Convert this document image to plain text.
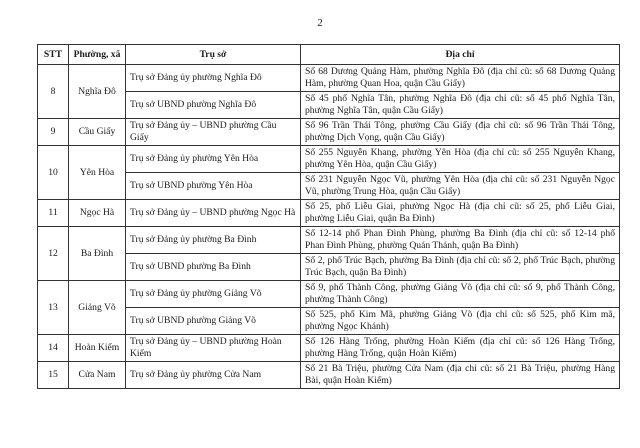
2
STT	Phường, xã	Trụ sở	Địa chỉ
8	Nghĩa Đô	Trụ sở Đảng ủy phường Nghĩa Đô	Số 68 Dương Quảng Hàm, phường Nghĩa Đô (địa chỉ cũ: số 68 Dương Quảng Hàm, phường Quan Hoa, quận Cầu Giấy)
		Trụ sở UBND phường Nghĩa Đô	Số 45 phố Nghĩa Tân, phường Nghĩa Đô (địa chỉ cũ: số 45 phố Nghĩa Tân, phường Nghĩa Tân, quận Cầu Giấy)
9	Cầu Giấy	Trụ sở Đảng ủy – UBND phường Cầu Giấy	Số 96 Trần Thái Tông, phường Cầu Giấy (địa chỉ cũ: số 96 Trần Thái Tông, phường Dịch Vọng, quận Cầu Giấy)
10	Yên Hòa	Trụ sở Đảng ủy phường Yên Hòa	Số 255 Nguyễn Khang, phường Yên Hòa (địa chỉ cũ: số 255 Nguyễn Khang, phường Yên Hòa, quận Cầu Giấy)
		Trụ sở UBND phường Yên Hòa	Số 231 Nguyễn Ngọc Vũ, phường Yên Hòa (địa chỉ cũ: số 231 Nguyễn Ngọc Vũ, phường Trung Hòa, quận Cầu Giấy)
11	Ngọc Hà	Trụ sở Đảng ủy – UBND phường Ngọc Hà	Số 25, phố Liễu Giai, phường Ngọc Hà (địa chỉ cũ: số 25, phố Liễu Giai, phường Liễu Giai, quận Ba Đình)
12	Ba Đình	Trụ sở Đảng ủy phường Ba Đình	Số 12-14 phố Phan Đình Phùng, phường Ba Đình (địa chỉ cũ: số 12-14 phố Phan Đình Phùng, phường Quán Thánh, quận Ba Đình)
		Trụ sở UBND phường Ba Đình	Số 2, phố Trúc Bạch, phường Ba Đình (địa chỉ cũ: số 2, phố Trúc Bạch, phường Trúc Bạch, quận Ba Đình)
13	Giảng Võ	Trụ sở Đảng ủy phường Giảng Võ	Số 9, phố Thành Công, phường Giảng Võ (địa chỉ cũ: số 9, phố Thành Công, phường Thành Công)
		Trụ sở UBND phường Giảng Võ	Số 525, phố Kim Mã, phường Giảng Võ (địa chỉ cũ: số 525, phố Kim mã, phường Ngọc Khánh)
14	Hoàn Kiếm	Trụ sở Đảng ủy – UBND phường Hoàn Kiếm	Số 126 Hàng Trống, phường Hoàn Kiếm (địa chỉ cũ: số 126 Hàng Trống, phường Hàng Trống, quận Hoàn Kiếm)
15	Cửa Nam	Trụ sở Đảng ủy phường Cửa Nam	Số 21 Bà Triệu, phường Cửa Nam (địa chỉ cũ: số 21 Bà Triệu, phường Hàng Bài, quận Hoàn Kiếm)
